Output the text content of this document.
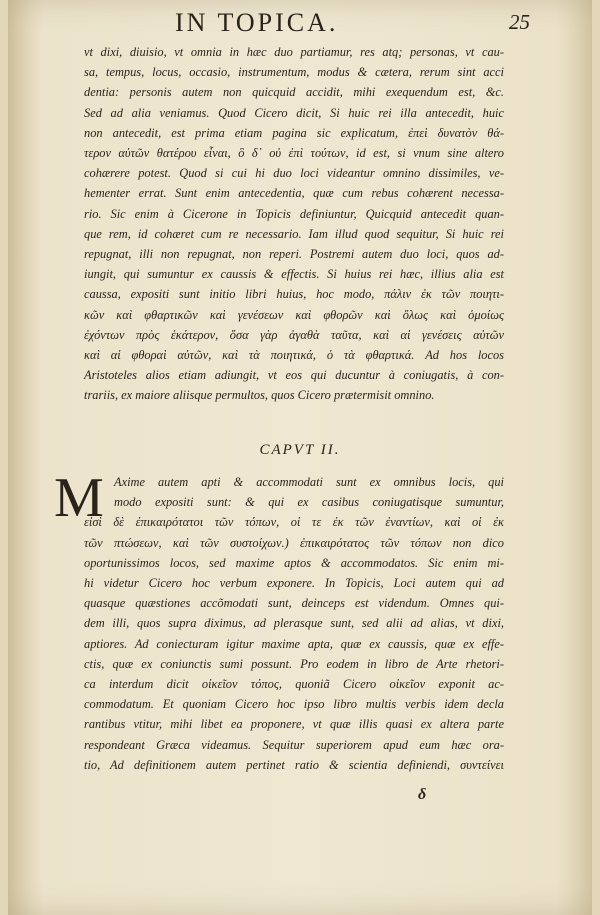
IN TOPICA.	25

vt dixi, diuisio, vt omnia in hæc duo partiamur, res atq; personas, vt cau-

sa, tempus, locus, occasio, instrumentum, modus & cætera, rerum sint acci

dentia: personis autem non quicquid accidit, mihi exequendum est, &c.

Sed ad alia veniamus. Quod Cicero dicit, Si huic rei illa antecedit, huic

non antecedit, est prima etiam pagina sic explicatum, ἐπεὶ δυνατὸν θά-

τερον αὐτῶν θατέρου εἶναι, ὃ δ᾽ οὐ ἐπὶ τούτων, id est, si vnum sine altero

cohærere potest. Quod si cui hi duo loci videantur omnino dissimiles, ve-

hementer errat. Sunt enim antecedentia, quæ cum rebus cohærent necessa-

rio. Sic enim à Cicerone in Topicis definiuntur, Quicquid antecedit quan-

que rem, id cohæret cum re necessario. Iam illud quod sequitur, Si huic rei

repugnat, illi non repugnat, non reperi. Postremi autem duo loci, quos ad-

iungit, qui sumuntur ex caussis & effectis. Si huius rei hæc, illius alia est

caussa, expositi sunt initio libri huius, hoc modo, πάλιν ἐκ τῶν ποιητι-

κῶν καὶ φθαρτικῶν καὶ γενέσεων καὶ φθορῶν καὶ ὅλως καὶ ὁμοίως

ἐχόντων πρὸς ἑκάτερον, ὅσα γὰρ ἀγαθὰ ταῦτα, καὶ αἱ γενέσεις αὐτῶν

καὶ αἱ φθοραὶ αὐτῶν, καὶ τὰ ποιητικά, ὁ τὰ φθαρτικά. Ad hos locos

Aristoteles alios etiam adiungit, vt eos qui ducuntur à coniugatis, à con-

trariis, ex maiore aliisque permultos, quos Cicero prætermisit omnino.

CAPVT II.
M Axime autem apti & accommodati sunt ex omnibus locis, qui

modo expositi sunt: & qui ex casibus coniugatisque sumuntur,

εἰσὶ δὲ ἐπικαιρότατοι τῶν τόπων, οἱ τε ἐκ τῶν ἐναντίων, καὶ οἱ ἐκ

τῶν πτώσεων, καὶ τῶν συστοίχων.) ἐπικαιρότατος τῶν τόπων non dico

oportunissimos locos, sed maxime aptos & accommodatos. Sic enim mi-

hi videtur Cicero hoc verbum exponere. In Topicis, Loci autem qui ad

quasque quæstiones accõmodati sunt, deinceps est videndum. Omnes qui-

dem illi, quos supra diximus, ad plerasque sunt, sed alii ad alias, vt dixi,

aptiores. Ad coniecturam igitur maxime apta, quæ ex caussis, quæ ex effe-

ctis, quæ ex coniunctis sumi possunt. Pro eodem in libro de Arte rhetori-

ca interdum dicit οἰκεῖον τόπος, quoniã Cicero οἰκεῖον exponit ac-

commodatum. Et quoniam Cicero hoc ipso libro multis verbis idem decla

rantibus vtitur, mihi libet ea proponere, vt quæ illis quasi ex altera parte

respondeant Græca videamus. Sequitur superiorem apud eum hæc ora-

tio, Ad definitionem autem pertinet ratio & scientia definiendi, συντείνει

δ
